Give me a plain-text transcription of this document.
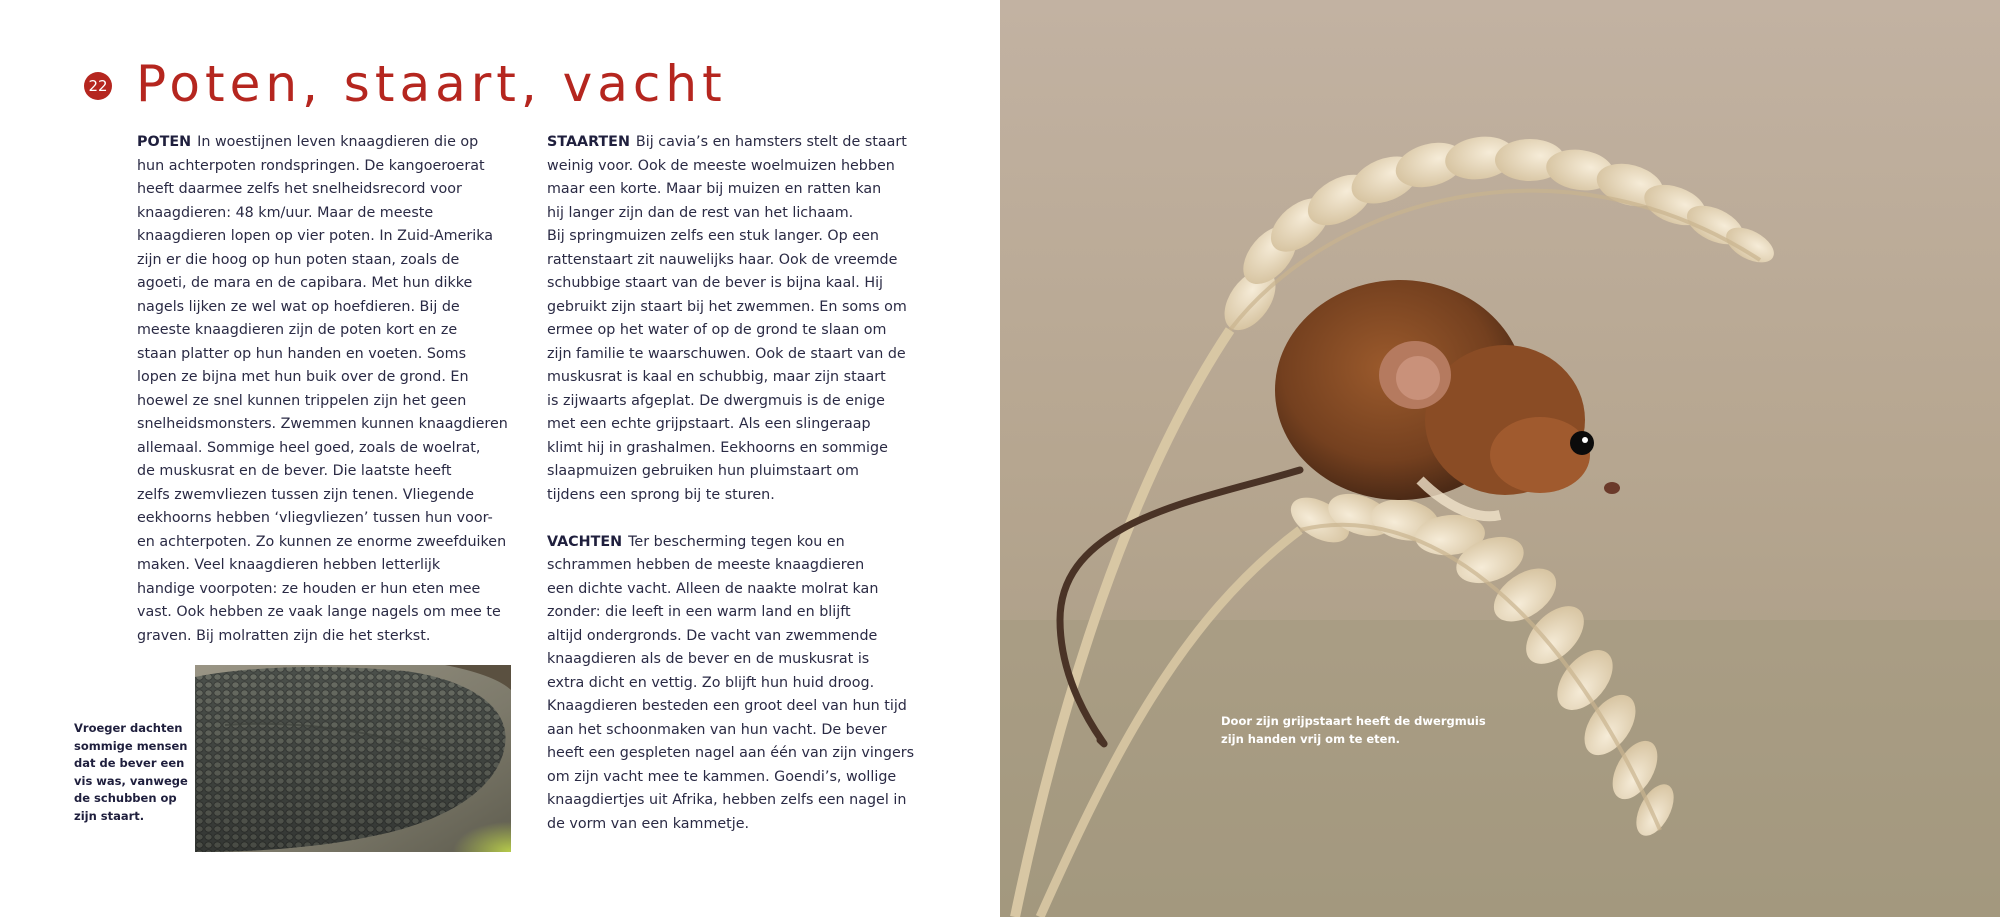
22 Poten, staart, vacht

POTEN In woestijnen leven knaagdieren die op
hun achterpoten rondspringen. De kangoeroerat
heeft daarmee zelfs het snelheidsrecord voor
knaagdieren: 48 km/uur. Maar de meeste
knaagdieren lopen op vier poten. In Zuid-Amerika
zijn er die hoog op hun poten staan, zoals de
agoeti, de mara en de capibara. Met hun dikke
nagels lijken ze wel wat op hoefdieren. Bij de
meeste knaagdieren zijn de poten kort en ze
staan platter op hun handen en voeten. Soms
lopen ze bijna met hun buik over de grond. En
hoewel ze snel kunnen trippelen zijn het geen
snelheidsmonsters. Zwemmen kunnen knaagdieren
allemaal. Sommige heel goed, zoals de woelrat,
de muskusrat en de bever. Die laatste heeft
zelfs zwemvliezen tussen zijn tenen. Vliegende
eekhoorns hebben ‘vliegvliezen’ tussen hun voor-
en achterpoten. Zo kunnen ze enorme zweefduiken
maken. Veel knaagdieren hebben letterlijk
handige voorpoten: ze houden er hun eten mee
vast. Ook hebben ze vaak lange nagels om mee te
graven. Bij molratten zijn die het sterkst.

STAARTEN Bij cavia’s en hamsters stelt de staart
weinig voor. Ook de meeste woelmuizen hebben
maar een korte. Maar bij muizen en ratten kan
hij langer zijn dan de rest van het lichaam.
Bij springmuizen zelfs een stuk langer. Op een
rattenstaart zit nauwelijks haar. Ook de vreemde
schubbige staart van de bever is bijna kaal. Hij
gebruikt zijn staart bij het zwemmen. En soms om
ermee op het water of op de grond te slaan om
zijn familie te waarschuwen. Ook de staart van de
muskusrat is kaal en schubbig, maar zijn staart
is zijwaarts afgeplat. De dwergmuis is de enige
met een echte grijpstaart. Als een slingeraap
klimt hij in grashalmen. Eekhoorns en sommige
slaapmuizen gebruiken hun pluimstaart om
tijdens een sprong bij te sturen.

VACHTEN Ter bescherming tegen kou en
schrammen hebben de meeste knaagdieren
een dichte vacht. Alleen de naakte molrat kan
zonder: die leeft in een warm land en blijft
altijd ondergronds. De vacht van zwemmende
knaagdieren als de bever en de muskusrat is
extra dicht en vettig. Zo blijft hun huid droog.
Knaagdieren besteden een groot deel van hun tijd
aan het schoonmaken van hun vacht. De bever
heeft een gespleten nagel aan één van zijn vingers
om zijn vacht mee te kammen. Goendi’s, wollige
knaagdiertjes uit Afrika, hebben zelfs een nagel in
de vorm van een kammetje.

Vroeger dachten
sommige mensen
dat de bever een
vis was, vanwege
de schubben op
zijn staart.

Door zijn grijpstaart heeft de dwergmuis
zijn handen vrij om te eten.
